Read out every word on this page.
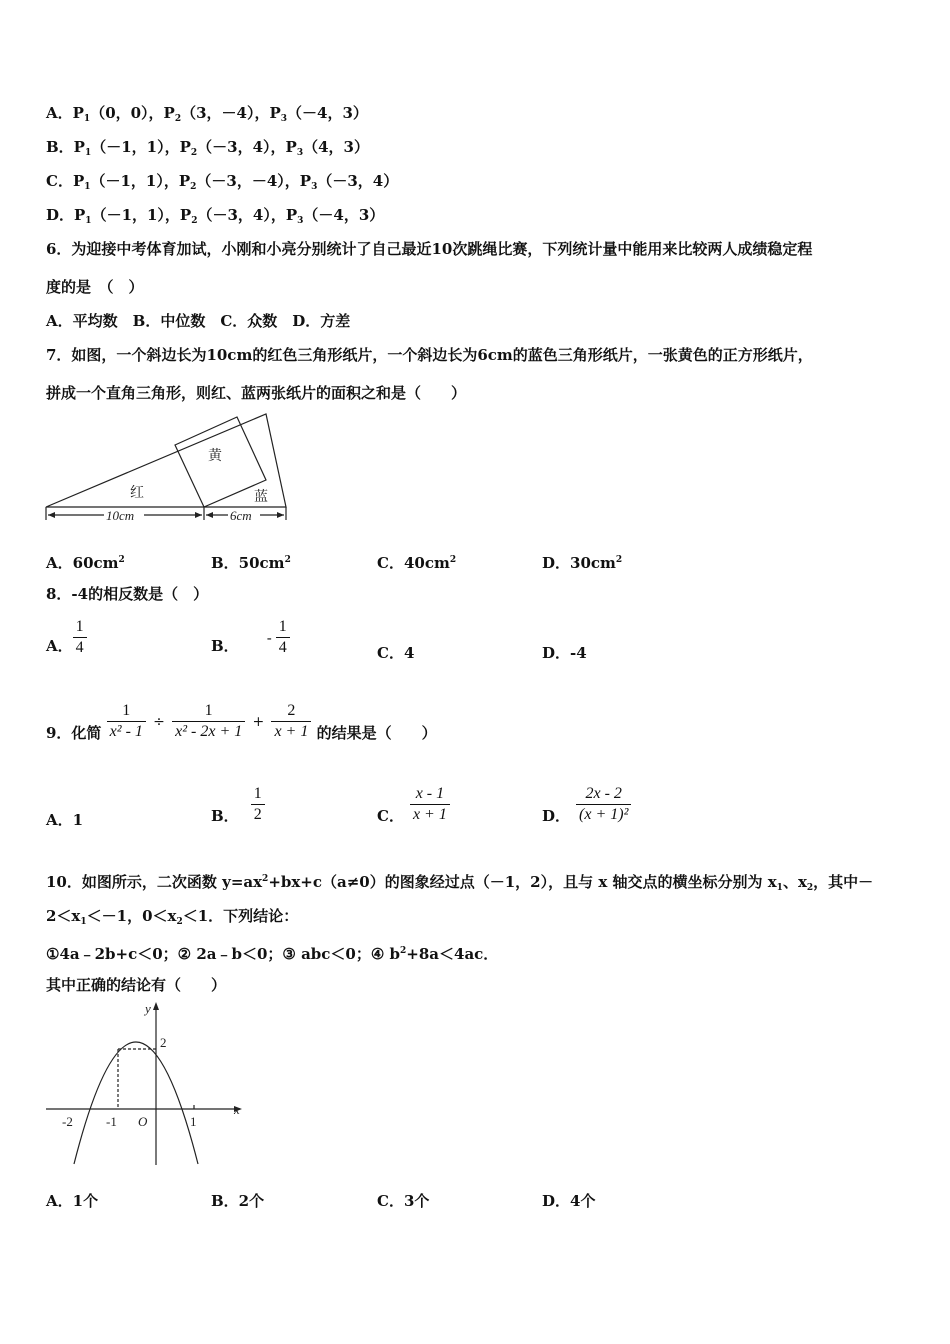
A．$P_1(0$，0），$P_2(3$，－4），$P_3(-4$，3）
B．$P_1(-1$，1），$P_2(-3$，4），$P_3(4$，3）
C．$P_1(-1$，1），$P_2(-3$，－4），$P_3(-3$，4）
D．$P_1(-1$，1），$P_2(-3$，4），$P_3(-4$，3）
6．为迎接中考体育加试，小刚和小亮分别统计了自己最近10次跳绳比赛，下列统计量中能用来比较两人成绩稳定程
度的是　（　）
A．平均数　B．中位数　C．众数　D．方差
7．如图，一个斜边长为10cm的红色三角形纸片，一个斜边长为6cm的蓝色三角形纸片，一张黄色的正方形纸片，
拼成一个直角三角形，则红、蓝两张纸片的面积之和是（　　）
黄
红	蓝
10cm	6cm
A．$60cm^2$	B．$50cm^2$	C．$40cm^2$	D．$30cm^2$
8．-4的相反数是（　）
A． $\frac{1}{4}$	B． - $\frac{1}{4}$	C．4	D．-4
9．化简 $\frac{1}{\text{x² - 1}} \div \frac{1}{\text{x² - 2x + 1}} + \frac{2}{x + 1}$ 的结果是（　　）
A．1	B． $\frac{1}{2}$	C． $\frac{x - 1}{x + 1}$	D． $\frac{2x - 2}{\text{(x + 1)²}}$
10．如图所示，二次函数 $y=ax^2+bx+c(a\ne 0)$的图象经过点（－1，2），且与 x 轴交点的横坐标分别为 $x_1$、$x_2$，其中－
$2<x_1<-1$，$0<x_2<1$．下列结论：
①4a﹣2b+c＜0；② 2a﹣b＜0；③ abc＜0；④ $b^2+8a<4ac$．
其中正确的结论有（　　）
y
x
2
-2	-1 O	1
A．1个	B．2个	C．3个	D．4个
